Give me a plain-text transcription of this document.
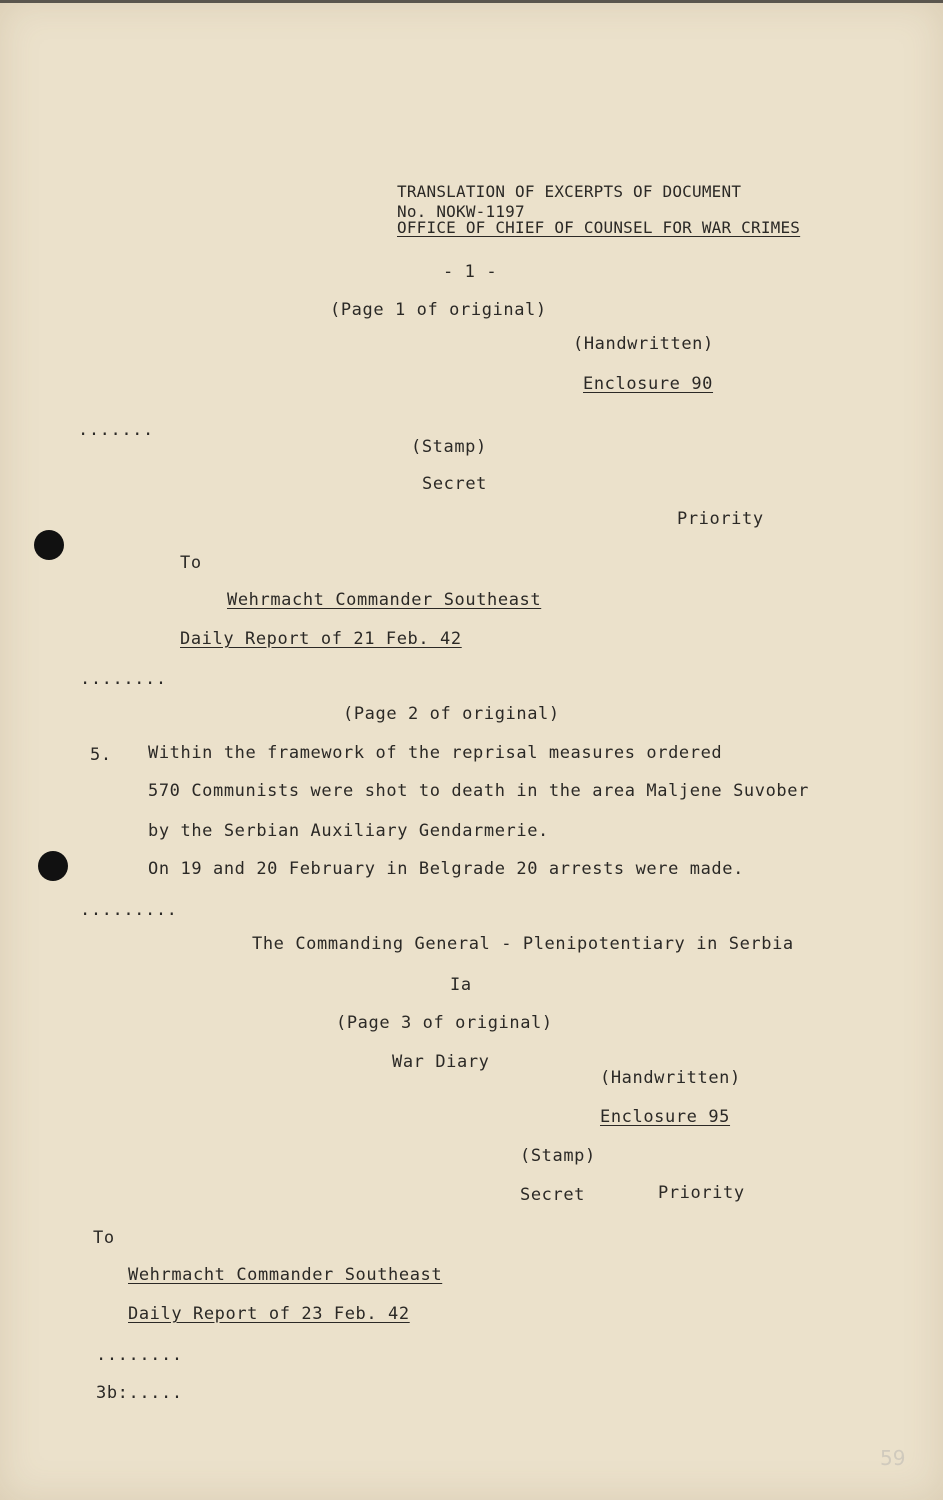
TRANSLATION OF EXCERPTS OF DOCUMENT
No. NOKW-1197
OFFICE OF CHIEF OF COUNSEL FOR WAR CRIMES
- 1 -
(Page 1 of original)
(Handwritten)
Enclosure 90
.......
(Stamp)
Secret
Priority
To
Wehrmacht Commander Southeast
Daily Report of 21 Feb. 42
........
(Page 2 of original)
5. Within the framework of the reprisal measures ordered
570 Communists were shot to death in the area Maljene Suvober
by the Serbian Auxiliary Gendarmerie.
On 19 and 20 February in Belgrade 20 arrests were made.
.........
The Commanding General - Plenipotentiary in Serbia
Ia
(Page 3 of original)
War Diary
(Handwritten)
Enclosure 95
(Stamp)
Secret	Priority
To
Wehrmacht Commander Southeast
Daily Report of 23 Feb. 42
........
3b:.....
59
